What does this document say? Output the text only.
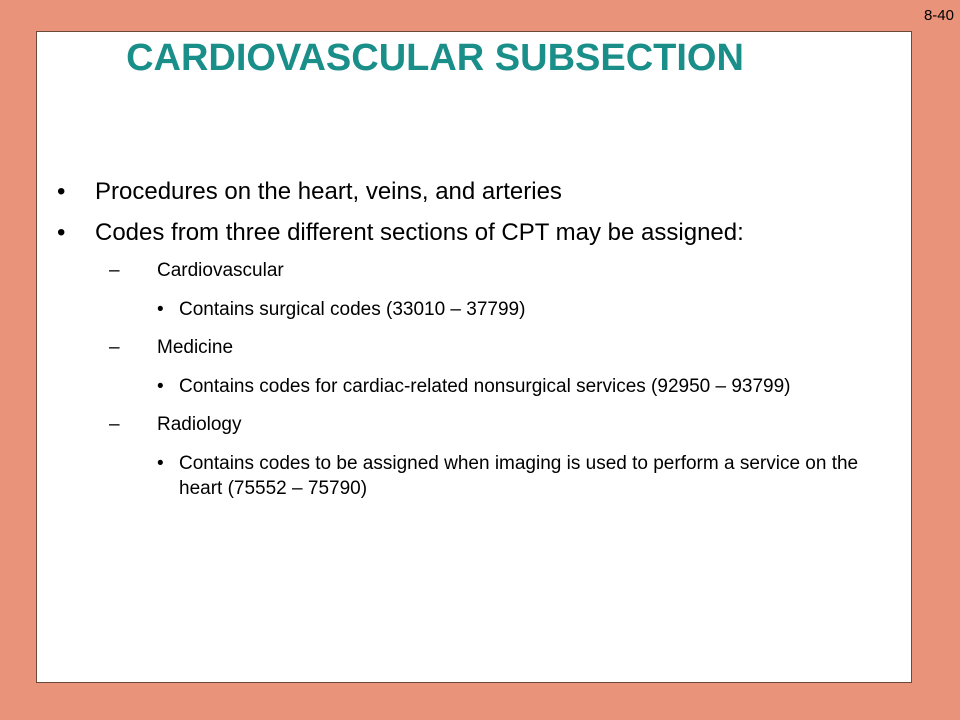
8-40
CARDIOVASCULAR SUBSECTION
• Procedures on the heart, veins, and arteries
• Codes from three different sections of CPT may be assigned:
– Cardiovascular
• Contains surgical codes (33010 – 37799)
– Medicine
• Contains codes for cardiac-related nonsurgical services (92950 – 93799)
– Radiology
• Contains codes to be assigned when imaging is used to perform a service on the heart (75552 – 75790)
